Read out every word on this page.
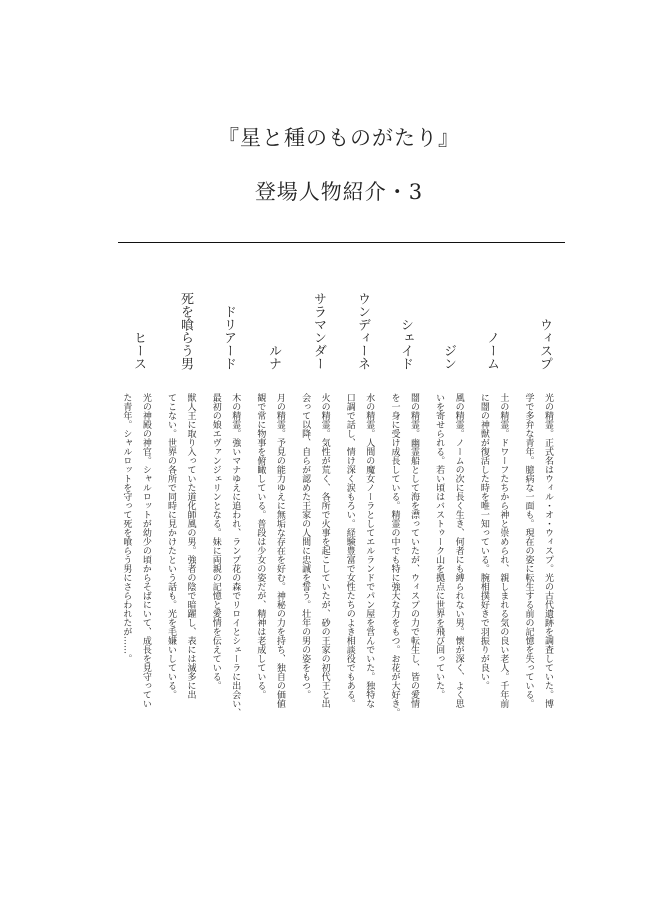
『星と種のものがたり』
登場人物紹介・3
ウィスプ
ノーム
ジン
シェイド
ウンディーネ
サラマンダー
ルナ
ドリアード
死を喰らう男
ヒース
光の精霊。正式名はウィル・オ・ウィスプ。光の古代遺跡を調査していた。博
学で多弁な青年。臆病な一面も。現在の姿に転生する前の記憶を失っている。
土の精霊。ドワーフたちから神と崇められ、親しまれる気の良い老人。千年前
に闇の神獣が復活した時を唯一知っている。腕相撲好きで羽振りが良い。
風の精霊。ノームの次に長く生き、何者にも縛られない男。懐が深く、よく思
いを寄せられる。若い頃はバストゥーク山を拠点に世界を飛び回っていた。
闇の精霊。幽霊船として海を漂っていたが、ウィスプの力で転生し、皆の愛情
を一身に受け成長している。精霊の中でも特に強大な力をもつ。お花が大好き。
水の精霊。人間の魔女ノーラとしてエルランドでパン屋を営んでいた。独特な
口調で話し、情け深く涙もろい。経験豊富で女性たちのよき相談役でもある。
火の精霊。気性が荒く、各所で火事を起こしていたが、砂の王家の初代王と出
会って以降、自らが認めた王家の人間に忠誠を誓う。壮年の男の姿をもつ。
月の精霊。予見の能力ゆえに無垢な存在を好む。神秘の力を持ち、独自の価値
観で常に物事を俯瞰している。普段は少女の姿だが、精神は老成している。
木の精霊。強いマナゆえに追われ、ランプ花の森でリロイとシェーラに出会い、
最初の娘エヴァンジェリンとなる。妹に両親の記憶と愛情を伝えている。
獣人王に取り入っていた道化師風の男。強者の陰で暗躍し、表には滅多に出
てこない。世界の各所で同時に見かけたという話も。光を毛嫌いしている。
光の神殿の神官。シャルロットが幼少の頃からそばにいて、成長を見守ってい
た青年。シャルロットを守って死を喰らう男にさらわれたが……。
